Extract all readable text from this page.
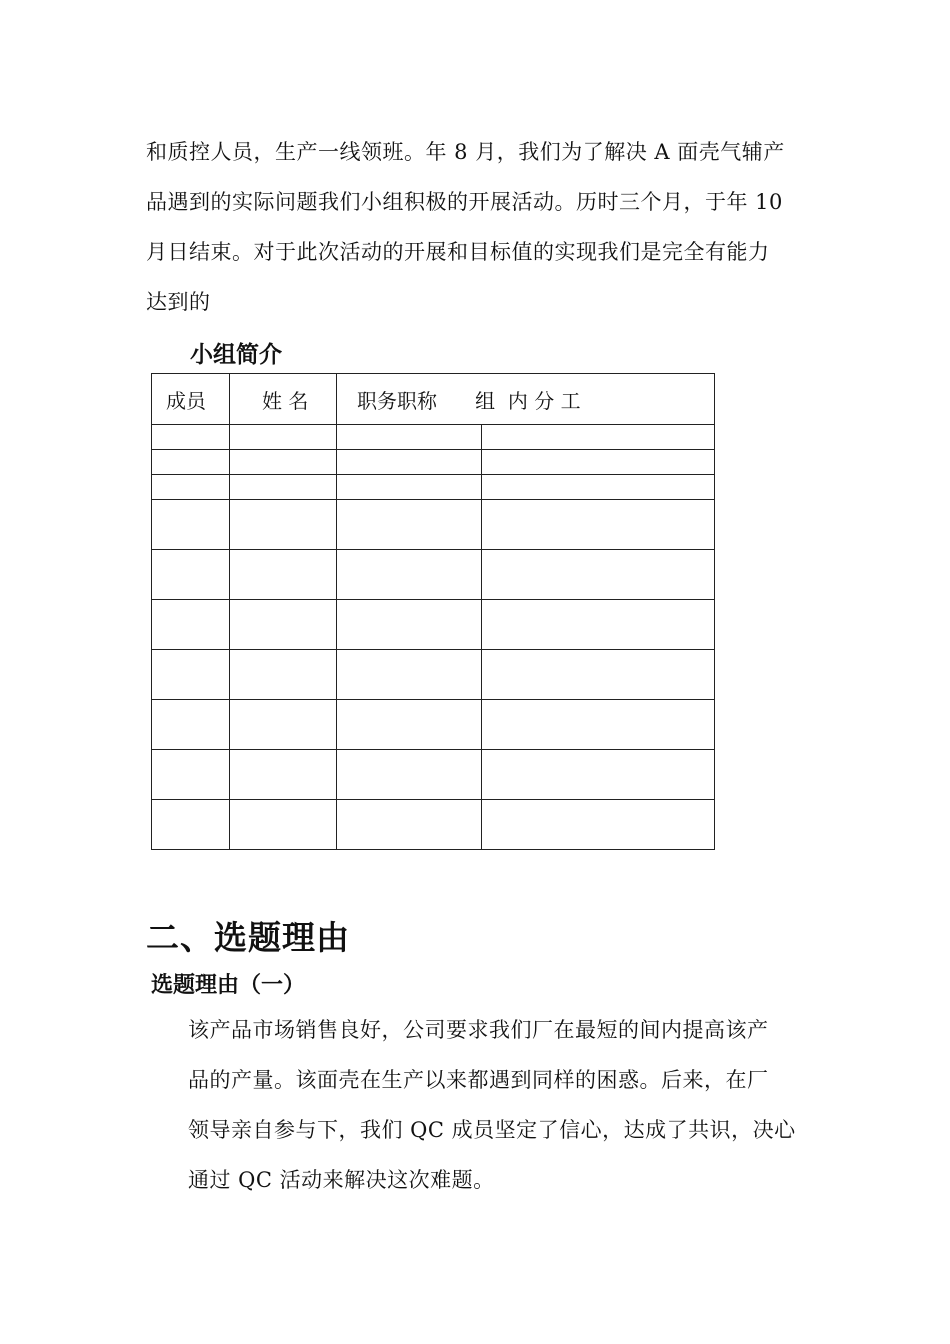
和质控人员，生产一线领班。年 8 月，我们为了解决 A 面壳气辅产
品遇到的实际问题我们小组积极的开展活动。历时三个月，于年 10
月日结束。对于此次活动的开展和目标值的实现我们是完全有能力
达到的
小组简介
成员	姓 名	职务职称      组  内 分 工	

二、选题理由
选题理由（一）
该产品市场销售良好，公司要求我们厂在最短的间内提高该产
品的产量。该面壳在生产以来都遇到同样的困惑。后来，在厂
领导亲自参与下，我们 QC 成员坚定了信心，达成了共识，决心
通过 QC 活动来解决这次难题。
